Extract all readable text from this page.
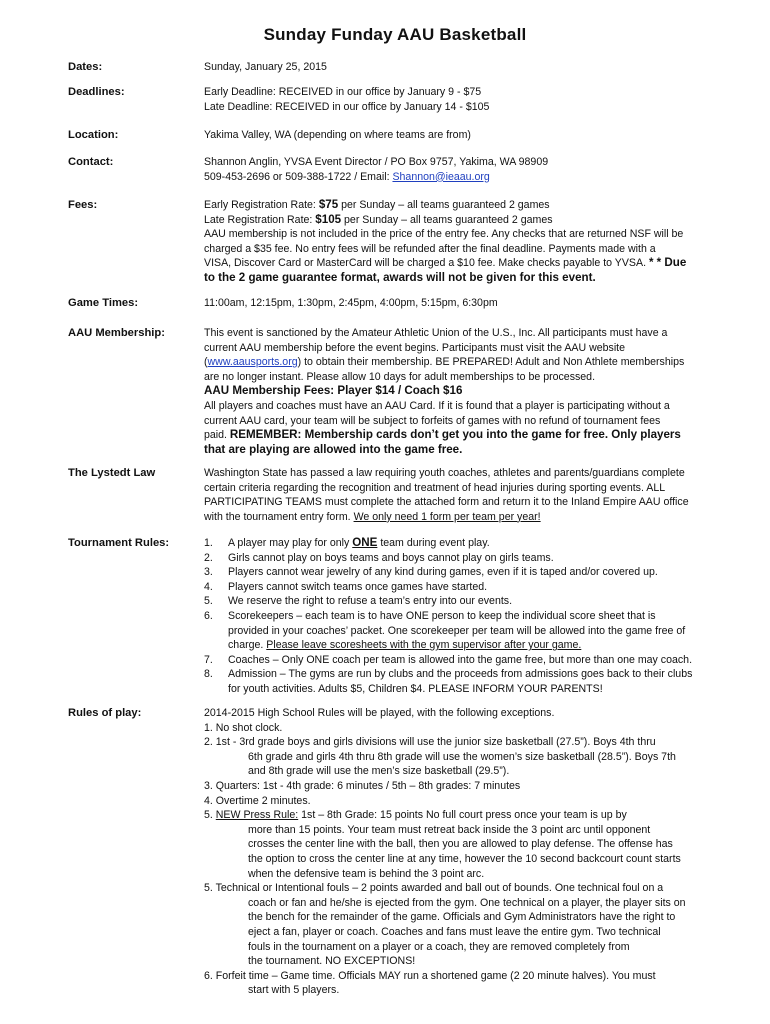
Sunday Funday AAU Basketball
Dates:	Sunday, January 25, 2015
Deadlines:	Early Deadline: RECEIVED in our office by January 9 - $75
Late Deadline: RECEIVED in our office by January 14 - $105
Location:	Yakima Valley, WA (depending on where teams are from)
Contact:	Shannon Anglin, YVSA Event Director / PO Box 9757, Yakima, WA 98909
509-453-2696 or 509-388-1722 / Email: Shannon@ieaau.org
Fees:	Early Registration Rate: $75 per Sunday – all teams guaranteed 2 games
Late Registration Rate: $105 per Sunday – all teams guaranteed 2 games
AAU membership is not included in the price of the entry fee. Any checks that are returned NSF will be
charged a $35 fee. No entry fees will be refunded after the final deadline. Payments made with a
VISA, Discover Card or MasterCard will be charged a $10 fee. Make checks payable to YVSA. * * Due
to the 2 game guarantee format, awards will not be given for this event.
Game Times:	11:00am, 12:15pm, 1:30pm, 2:45pm, 4:00pm, 5:15pm, 6:30pm
AAU Membership:	This event is sanctioned by the Amateur Athletic Union of the U.S., Inc. All participants must have a
current AAU membership before the event begins. Participants must visit the AAU website
(www.aausports.org) to obtain their membership. BE PREPARED! Adult and Non Athlete memberships
are no longer instant. Please allow 10 days for adult memberships to be processed.
AAU Membership Fees: Player $14 / Coach $16
All players and coaches must have an AAU Card. If it is found that a player is participating without a
current AAU card, your team will be subject to forfeits of games with no refund of tournament fees
paid. REMEMBER: Membership cards don’t get you into the game for free. Only players
that are playing are allowed into the game free.
The Lystedt Law	Washington State has passed a law requiring youth coaches, athletes and parents/guardians complete
certain criteria regarding the recognition and treatment of head injuries during sporting events. ALL
PARTICIPATING TEAMS must complete the attached form and return it to the Inland Empire AAU office
with the tournament entry form. We only need 1 form per team per year!
Tournament Rules:	1. A player may play for only ONE team during event play.
2. Girls cannot play on boys teams and boys cannot play on girls teams.
3. Players cannot wear jewelry of any kind during games, even if it is taped and/or covered up.
4. Players cannot switch teams once games have started.
5. We reserve the right to refuse a team’s entry into our events.
6. Scorekeepers – each team is to have ONE person to keep the individual score sheet that is
provided in your coaches’ packet. One scorekeeper per team will be allowed into the game free of
charge. Please leave scoresheets with the gym supervisor after your game.
7. Coaches – Only ONE coach per team is allowed into the game free, but more than one may coach.
8. Admission – The gyms are run by clubs and the proceeds from admissions goes back to their clubs
for youth activities. Adults $5, Children $4. PLEASE INFORM YOUR PARENTS!
Rules of play:	2014-2015 High School Rules will be played, with the following exceptions.
1. No shot clock.
2. 1st - 3rd grade boys and girls divisions will use the junior size basketball (27.5”). Boys 4th thru
6th grade and girls 4th thru 8th grade will use the women’s size basketball (28.5”). Boys 7th
and 8th grade will use the men’s size basketball (29.5”).
3. Quarters: 1st - 4th grade: 6 minutes / 5th – 8th grades: 7 minutes
4. Overtime 2 minutes.
5. NEW Press Rule: 1st – 8th Grade: 15 points No full court press once your team is up by
more than 15 points. Your team must retreat back inside the 3 point arc until opponent
crosses the center line with the ball, then you are allowed to play defense. The offense has
the option to cross the center line at any time, however the 10 second backcourt count starts
when the defensive team is behind the 3 point arc.
5. Technical or Intentional fouls – 2 points awarded and ball out of bounds. One technical foul on a
coach or fan and he/she is ejected from the gym. One technical on a player, the player sits on
the bench for the remainder of the game. Officials and Gym Administrators have the right to
eject a fan, player or coach. Coaches and fans must leave the entire gym. Two technical
fouls in the tournament on a player or a coach, they are removed completely from
the tournament. NO EXCEPTIONS!
6. Forfeit time – Game time. Officials MAY run a shortened game (2 20 minute halves). You must
start with 5 players.
